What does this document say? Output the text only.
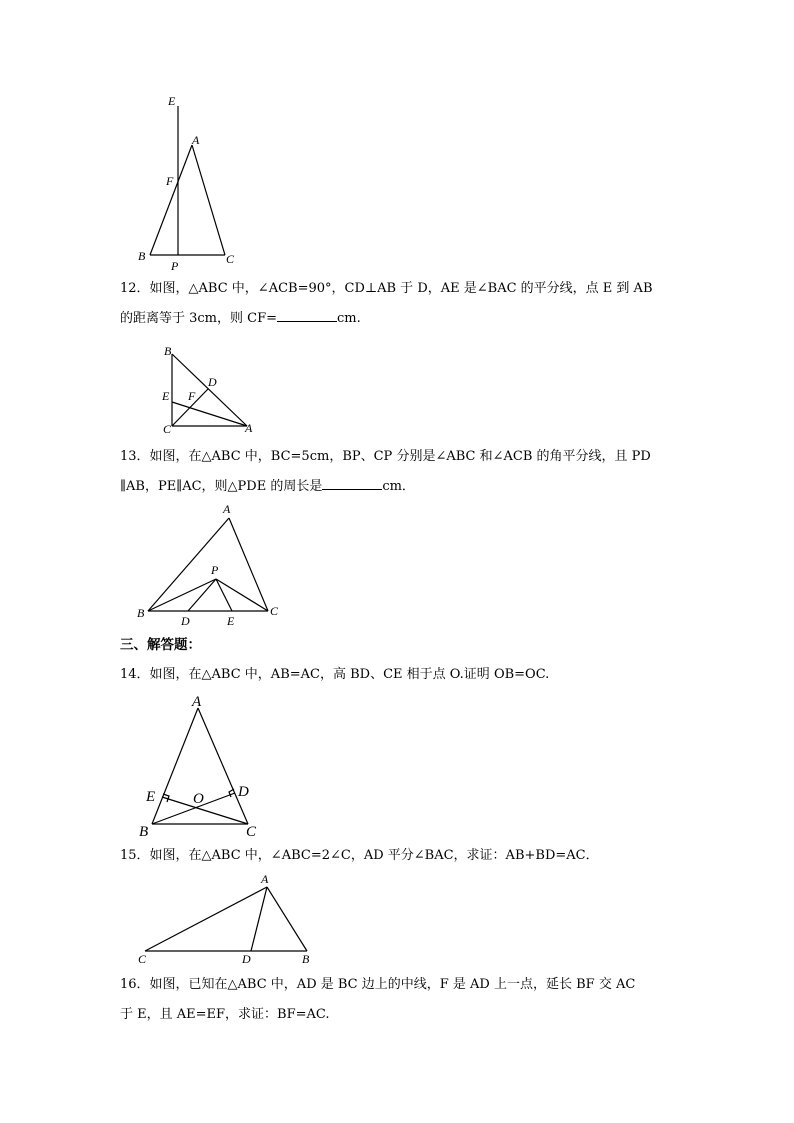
E
A
F
B
P	C
12．如图，△ABC 中，∠ACB=90°，CD⊥AB 于 D，AE 是∠BAC 的平分线，点 E 到 AB
的距离等于 3cm，则 CF=	cm.
B
D
E F
C	A
13．如图，在△ABC 中，BC=5cm，BP、CP 分别是∠ABC 和∠ACB 的角平分线，且 PD
∥AB，PE∥AC，则△PDE 的周长是	cm．
A
P
B
D	E
C
三、解答题：
14．如图，在△ABC 中，AB=AC，高 BD、CE 相于点 O.证明 OB=OC.
A
E	O D
B	C
15．如图，在△ABC 中，∠ABC=2∠C，AD 平分∠BAC，求证：AB+BD=AC．
A
C	D	B
16．如图，已知在△ABC 中，AD 是 BC 边上的中线，F 是 AD 上一点，延长 BF 交 AC
于 E，且 AE=EF，求证：BF=AC.
